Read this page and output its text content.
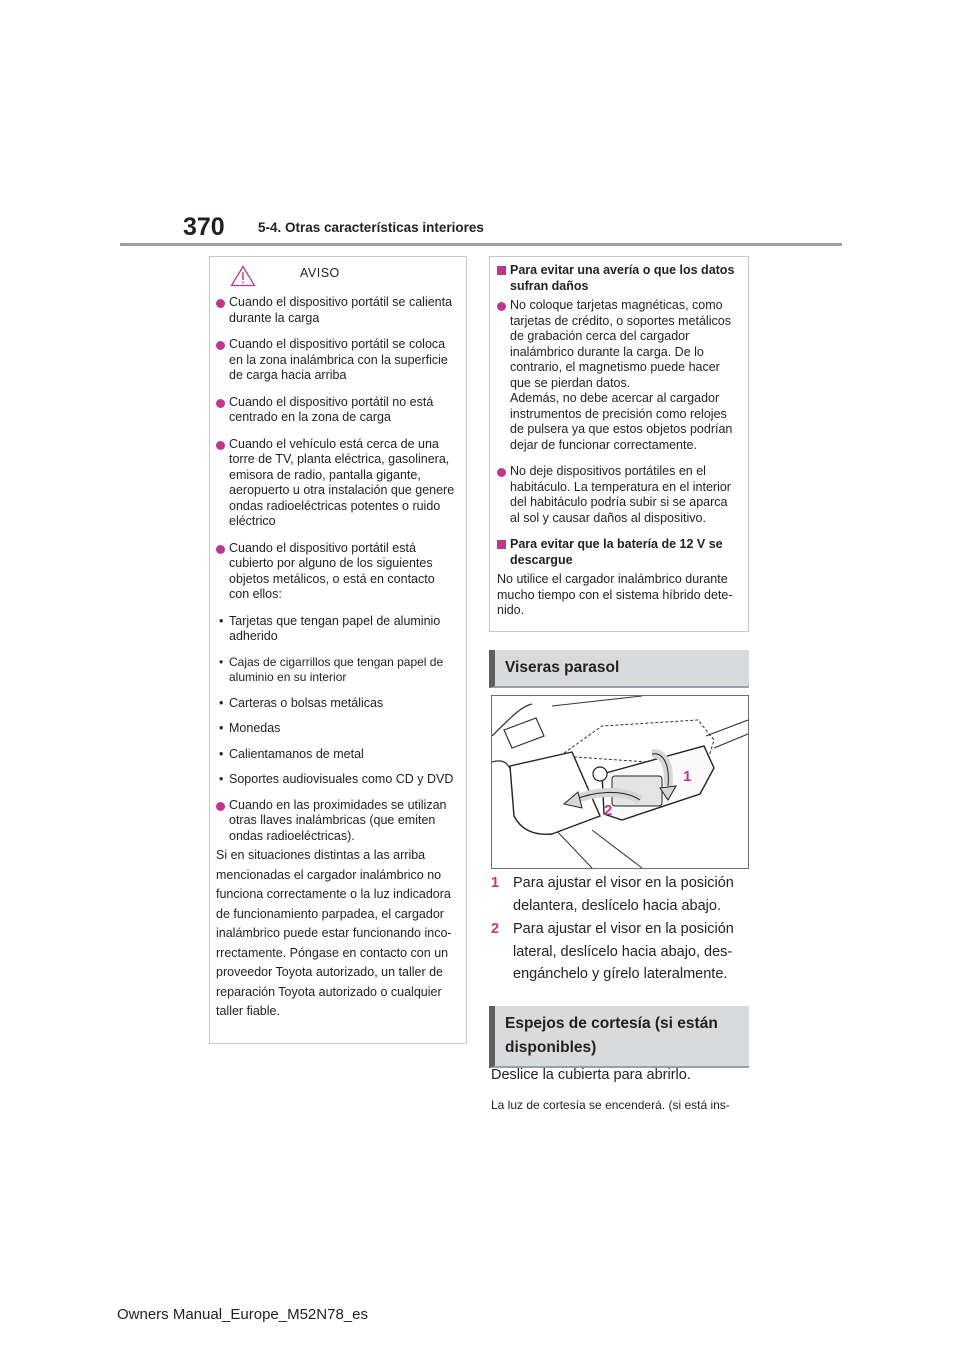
370 5-4. Otras características interiores
AVISO
Cuando el dispositivo portátil se calienta durante la carga
Cuando el dispositivo portátil se coloca en la zona inalámbrica con la superficie de carga hacia arriba
Cuando el dispositivo portátil no está centrado en la zona de carga
Cuando el vehículo está cerca de una torre de TV, planta eléctrica, gasolinera, emisora de radio, pantalla gigante, aeropuerto u otra instalación que genere ondas radioeléctricas potentes o ruido eléctrico
Cuando el dispositivo portátil está cubierto por alguno de los siguientes objetos metálicos, o está en contacto con ellos:
• Tarjetas que tengan papel de aluminio adherido
• Cajas de cigarrillos que tengan papel de aluminio en su interior
• Carteras o bolsas metálicas
• Monedas
• Calientamanos de metal
• Soportes audiovisuales como CD y DVD
Cuando en las proximidades se utilizan otras llaves inalámbricas (que emiten ondas radioeléctricas).
Si en situaciones distintas a las arriba
mencionadas el cargador inalámbrico no
funciona correctamente o la luz indicadora
de funcionamiento parpadea, el cargador
inalámbrico puede estar funcionando inco-
rrectamente. Póngase en contacto con un
proveedor Toyota autorizado, un taller de
reparación Toyota autorizado o cualquier
taller fiable.
Para evitar una avería o que los datos sufran daños
No coloque tarjetas magnéticas, como tarjetas de crédito, o soportes metálicos de grabación cerca del cargador inalámbrico durante la carga. De lo contrario, el magnetismo puede hacer que se pierdan datos.
Además, no debe acercar al cargador instrumentos de precisión como relojes de pulsera ya que estos objetos podrían dejar de funcionar correctamente.
No deje dispositivos portátiles en el habitáculo. La temperatura en el interior del habitáculo podría subir si se aparca al sol y causar daños al dispositivo.
Para evitar que la batería de 12 V se descargue
No utilice el cargador inalámbrico durante mucho tiempo con el sistema híbrido dete-nido.
Viseras parasol
1
2
1 Para ajustar el visor en la posición
delantera, deslícelo hacia abajo.
2 Para ajustar el visor en la posición
lateral, deslícelo hacia abajo, des-
engánchelo y gírelo lateralmente.
Espejos de cortesía (si están
disponibles)
Deslice la cubierta para abrirlo.
La luz de cortesía se encenderá. (si está ins-
Owners Manual_Europe_M52N78_es
